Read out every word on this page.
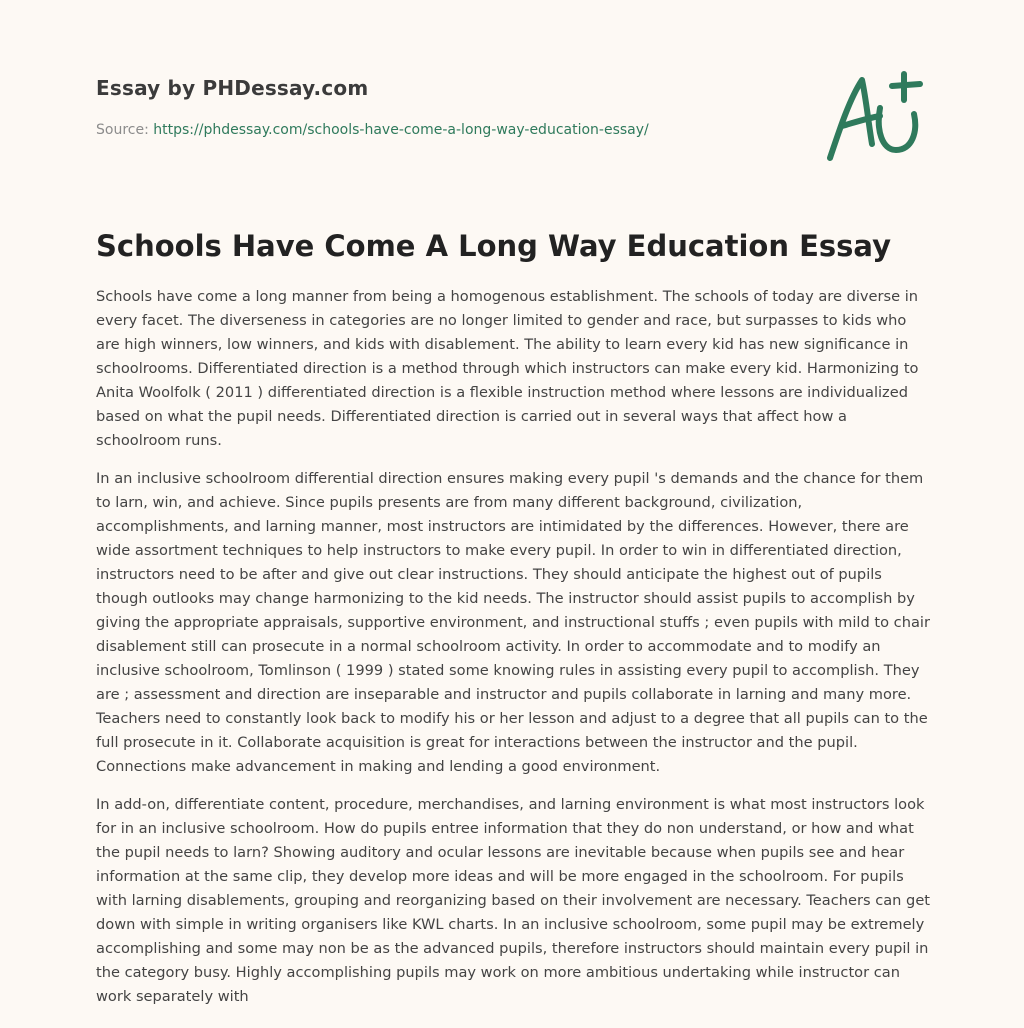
Essay by PHDessay.com
Source: https://phdessay.com/schools-have-come-a-long-way-education-essay/
Schools Have Come A Long Way Education Essay

Schools have come a long manner from being a homogenous establishment. The schools of today are diverse in every facet. The diverseness in categories are no longer limited to gender and race, but surpasses to kids who are high winners, low winners, and kids with disablement. The ability to learn every kid has new significance in schoolrooms. Differentiated direction is a method through which instructors can make every kid. Harmonizing to Anita Woolfolk ( 2011 ) differentiated direction is a flexible instruction method where lessons are individualized based on what the pupil needs. Differentiated direction is carried out in several ways that affect how a schoolroom runs.

In an inclusive schoolroom differential direction ensures making every pupil 's demands and the chance for them to larn, win, and achieve. Since pupils presents are from many different background, civilization, accomplishments, and larning manner, most instructors are intimidated by the differences. However, there are wide assortment techniques to help instructors to make every pupil. In order to win in differentiated direction, instructors need to be after and give out clear instructions. They should anticipate the highest out of pupils though outlooks may change harmonizing to the kid needs. The instructor should assist pupils to accomplish by giving the appropriate appraisals, supportive environment, and instructional stuffs ; even pupils with mild to chair disablement still can prosecute in a normal schoolroom activity. In order to accommodate and to modify an inclusive schoolroom, Tomlinson ( 1999 ) stated some knowing rules in assisting every pupil to accomplish. They are ; assessment and direction are inseparable and instructor and pupils collaborate in larning and many more. Teachers need to constantly look back to modify his or her lesson and adjust to a degree that all pupils can to the full prosecute in it. Collaborate acquisition is great for interactions between the instructor and the pupil. Connections make advancement in making and lending a good environment.

In add-on, differentiate content, procedure, merchandises, and larning environment is what most instructors look for in an inclusive schoolroom. How do pupils entree information that they do non understand, or how and what the pupil needs to larn? Showing auditory and ocular lessons are inevitable because when pupils see and hear information at the same clip, they develop more ideas and will be more engaged in the schoolroom. For pupils with larning disablements, grouping and reorganizing based on their involvement are necessary. Teachers can get down with simple in writing organisers like KWL charts. In an inclusive schoolroom, some pupil may be extremely accomplishing and some may non be as the advanced pupils, therefore instructors should maintain every pupil in the category busy. Highly accomplishing pupils may work on more ambitious undertaking while instructor can work separately with
